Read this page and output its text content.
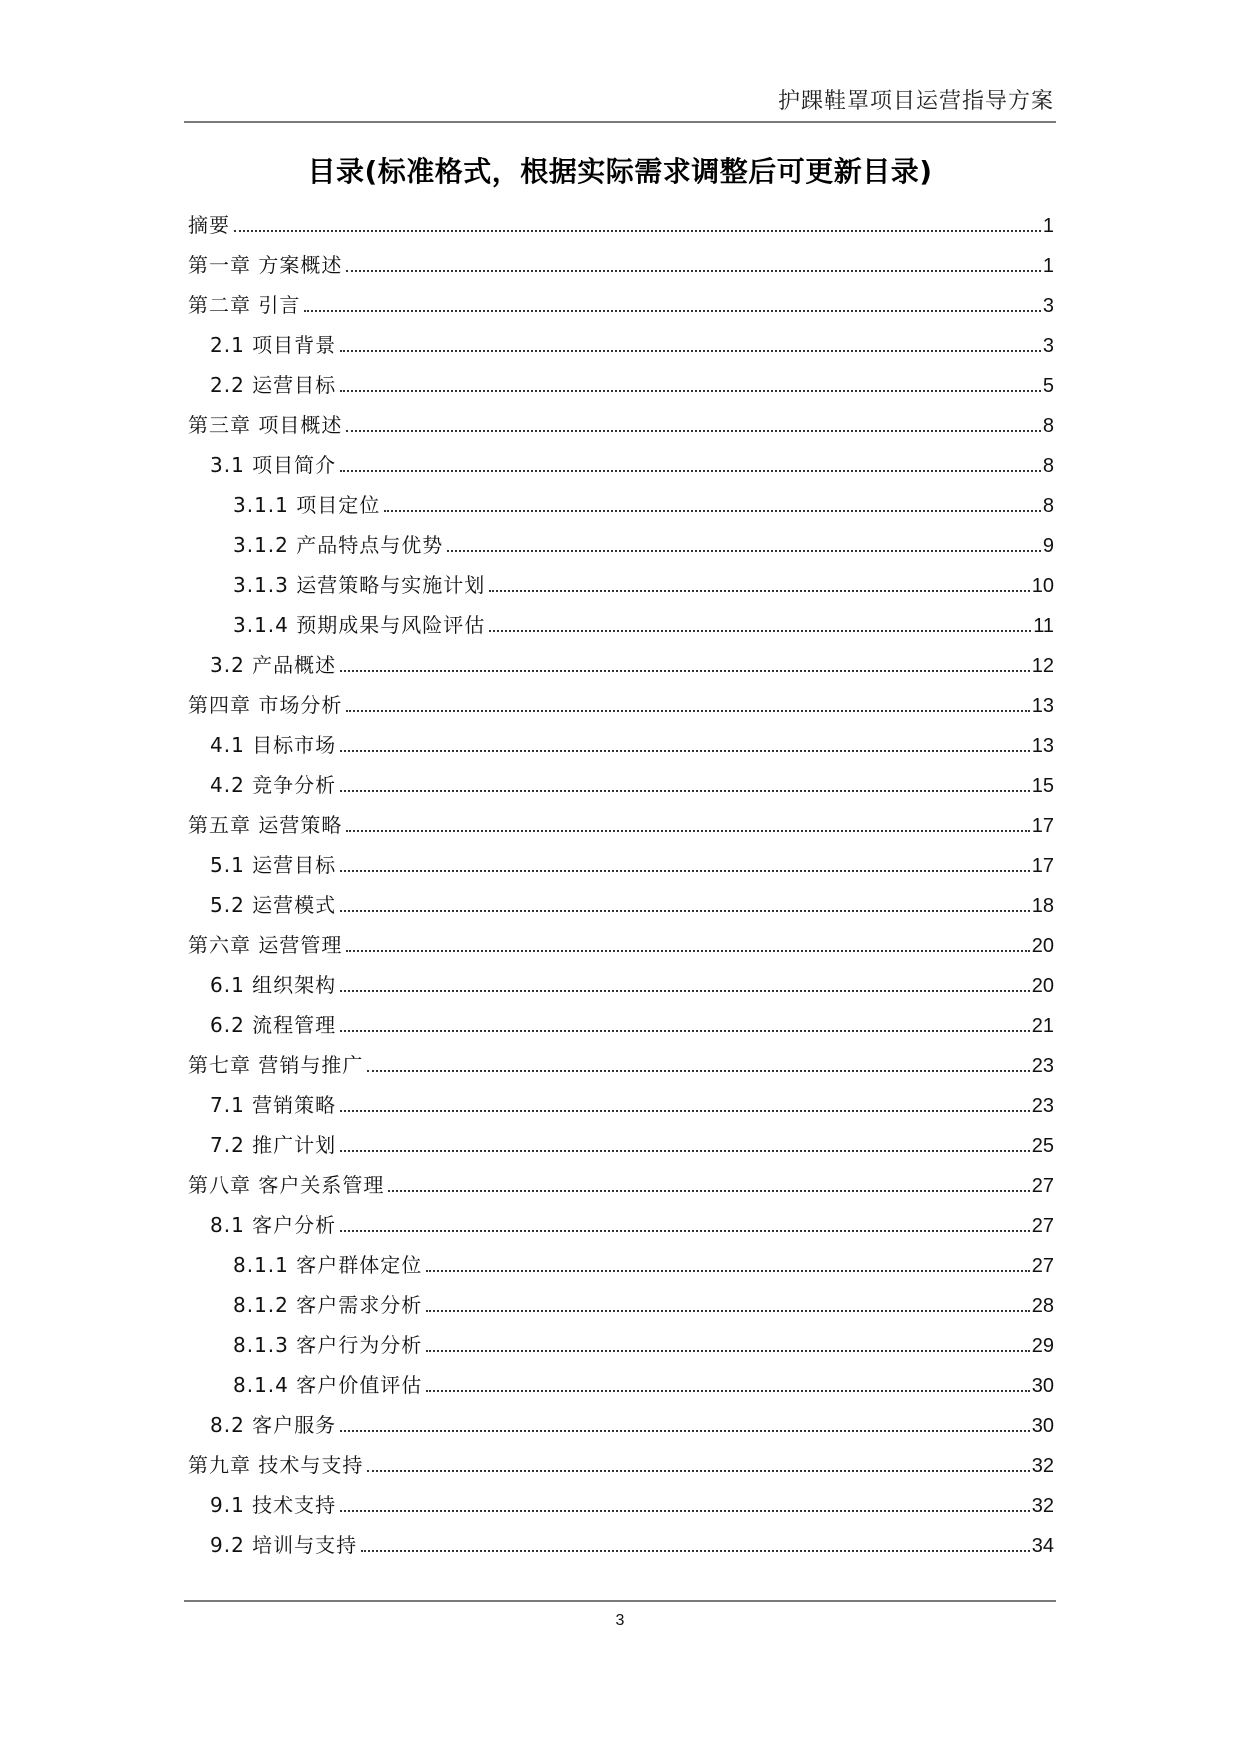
护踝鞋罩项目运营指导方案
目录(标准格式，根据实际需求调整后可更新目录)
摘要	1
第一章 方案概述	1
第二章 引言	3
2.1 项目背景	3
2.2 运营目标	5
第三章 项目概述	8
3.1 项目简介	8
3.1.1 项目定位	8
3.1.2 产品特点与优势	9
3.1.3 运营策略与实施计划	10
3.1.4 预期成果与风险评估	11
3.2 产品概述	12
第四章 市场分析	13
4.1 目标市场	13
4.2 竞争分析	15
第五章 运营策略	17
5.1 运营目标	17
5.2 运营模式	18
第六章 运营管理	20
6.1 组织架构	20
6.2 流程管理	21
第七章 营销与推广	23
7.1 营销策略	23
7.2 推广计划	25
第八章 客户关系管理	27
8.1 客户分析	27
8.1.1 客户群体定位	27
8.1.2 客户需求分析	28
8.1.3 客户行为分析	29
8.1.4 客户价值评估	30
8.2 客户服务	30
第九章 技术与支持	32
9.1 技术支持	32
9.2 培训与支持	34
3
